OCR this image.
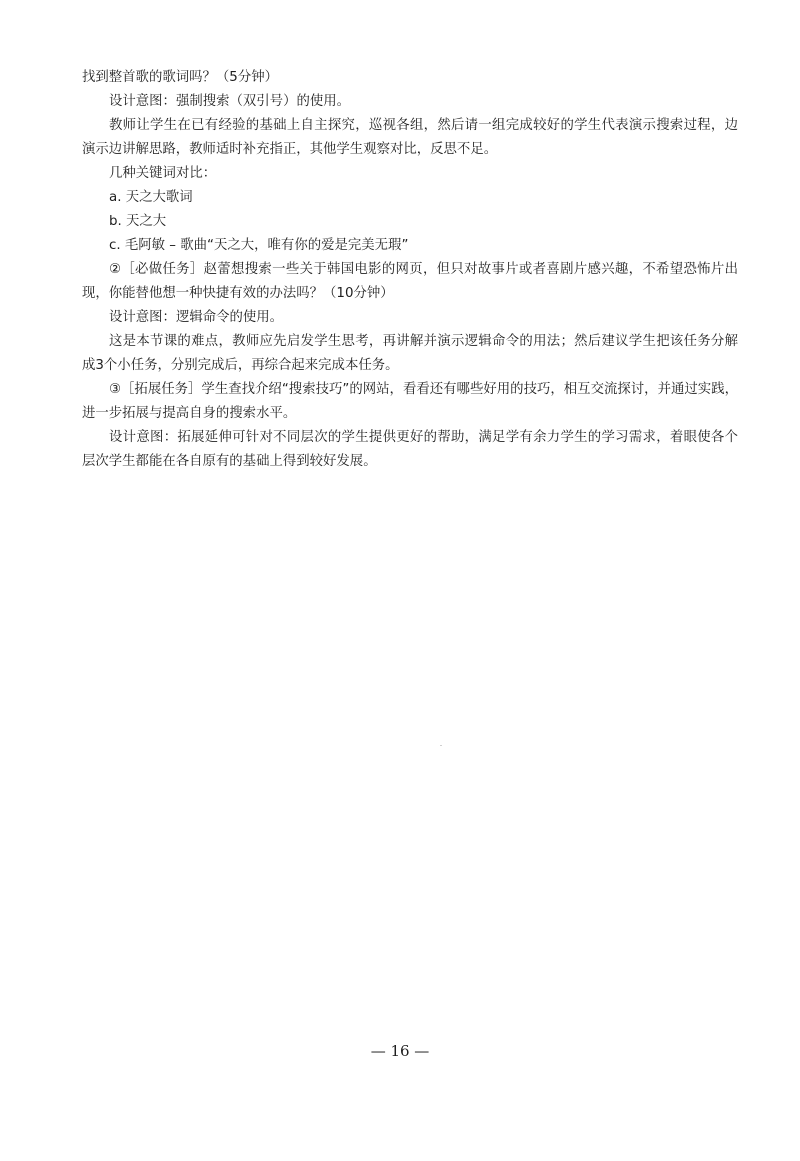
找到整首歌的歌词吗？（5分钟）

设计意图：强制搜索（双引号）的使用。

教师让学生在已有经验的基础上自主探究，巡视各组，然后请一组完成较好的学生代表演示搜索过程，边演示边讲解思路，教师适时补充指正，其他学生观察对比，反思不足。

几种关键词对比：

a. 天之大歌词

b. 天之大

c. 毛阿敏 – 歌曲“天之大，唯有你的爱是完美无瑕”

②［必做任务］赵蕾想搜索一些关于韩国电影的网页，但只对故事片或者喜剧片感兴趣，不希望恐怖片出现，你能替他想一种快捷有效的办法吗？（10分钟）

设计意图：逻辑命令的使用。

这是本节课的难点，教师应先启发学生思考，再讲解并演示逻辑命令的用法；然后建议学生把该任务分解成3个小任务，分别完成后，再综合起来完成本任务。

③［拓展任务］学生查找介绍“搜索技巧”的网站，看看还有哪些好用的技巧，相互交流探讨，并通过实践，进一步拓展与提高自身的搜索水平。

设计意图：拓展延伸可针对不同层次的学生提供更好的帮助，满足学有余力学生的学习需求，着眼使各个层次学生都能在各自原有的基础上得到较好发展。

— 16 —
